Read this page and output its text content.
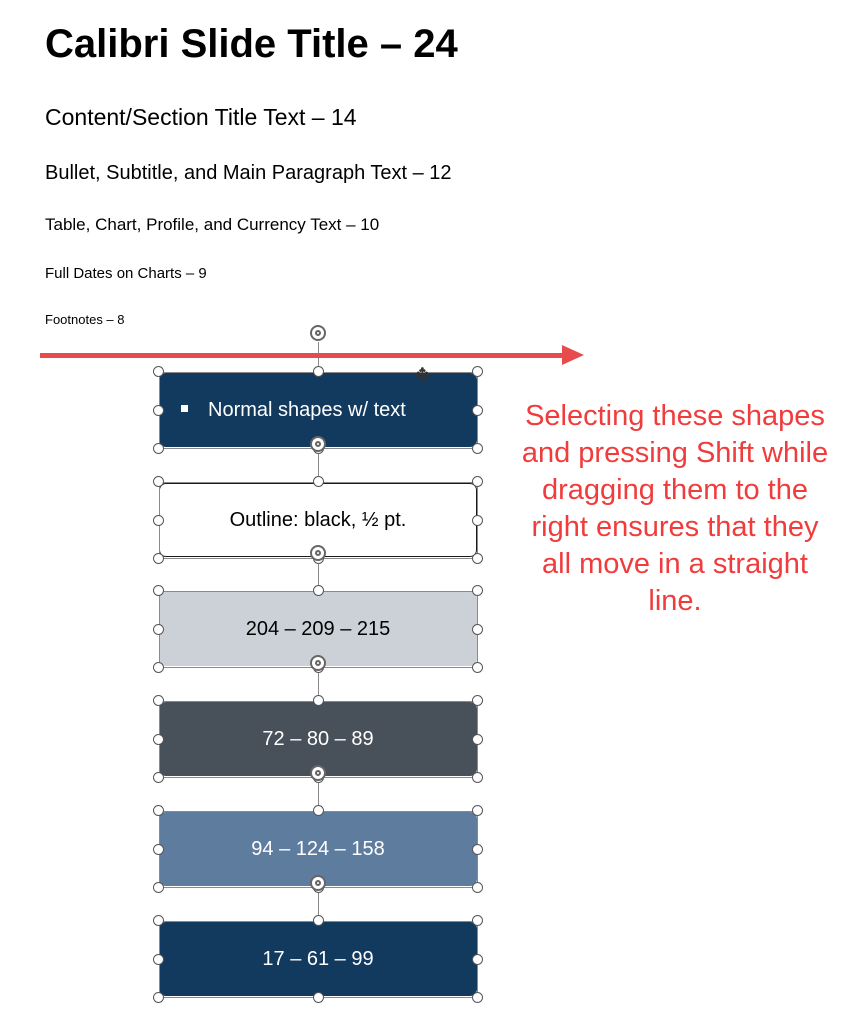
Calibri Slide Title – 24
Content/Section Title Text – 14
Bullet, Subtitle, and Main Paragraph Text – 12
Table, Chart, Profile, and Currency Text – 10
Full Dates on Charts – 9
Footnotes – 8
Normal shapes w/ text
Outline: black, ½ pt.
204 – 209 – 215
72 – 80 – 89
94 – 124 – 158
17 – 61 – 99
✥
Selecting these shapes and pressing Shift while dragging them to the right ensures that they all move in a straight line.
